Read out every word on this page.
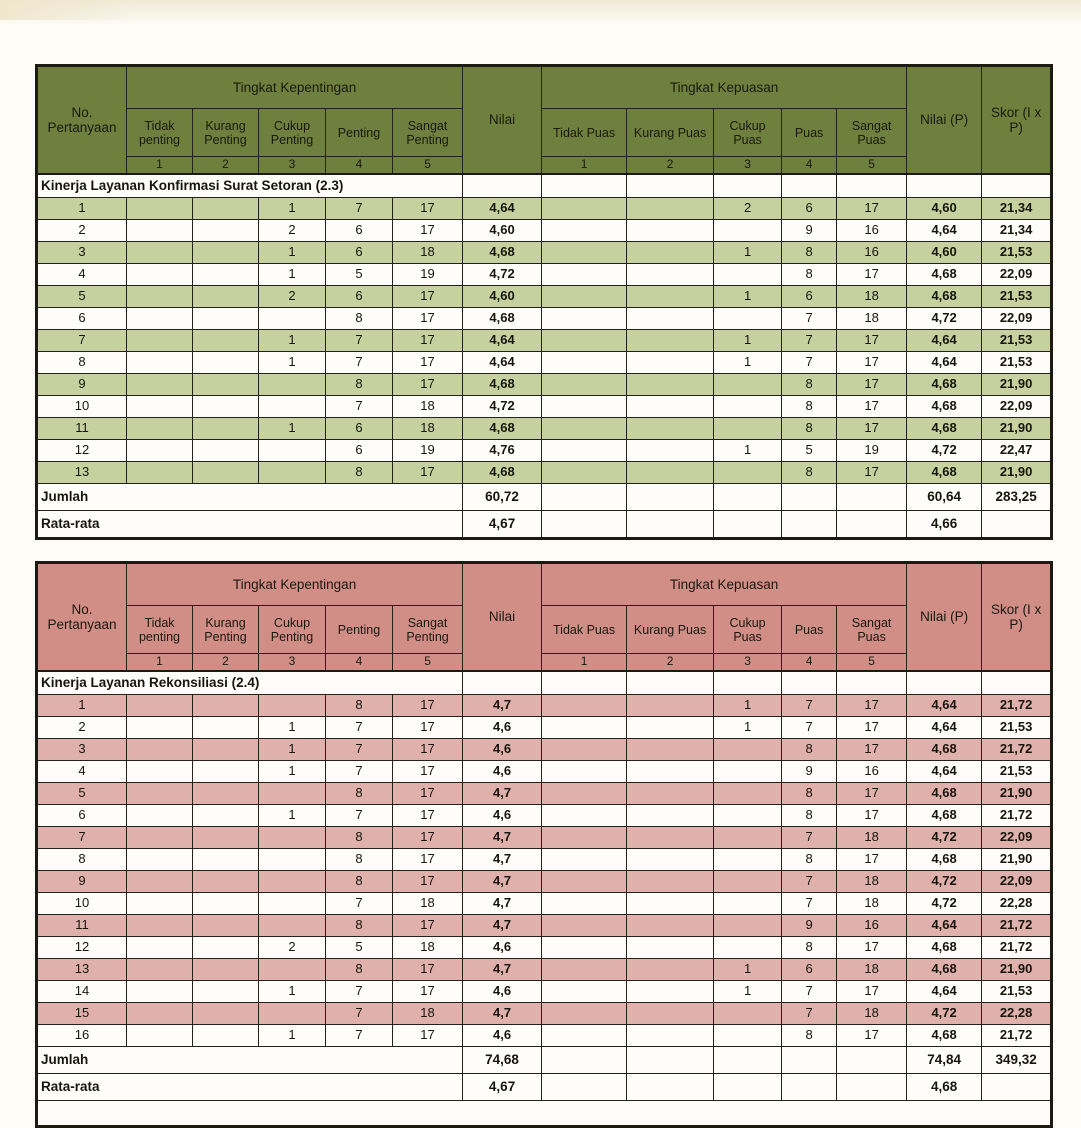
No. Pertanyaan	Tingkat Kepentingan					Nilai	Tingkat Kepuasan					Nilai (P)	Skor (I x P)
	Tidak penting	Kurang Penting	Cukup Penting	Penting	Sangat Penting		Tidak Puas	Kurang Puas	Cukup Puas	Puas	Sangat Puas		
	1	2	3	4	5		1	2	3	4	5		
Kinerja Layanan Konfirmasi Surat Setoran (2.3)													
1			1	7	17	4,64			2	6	17	4,60	21,34
2			2	6	17	4,60				9	16	4,64	21,34
3			1	6	18	4,68			1	8	16	4,60	21,53
4			1	5	19	4,72				8	17	4,68	22,09
5			2	6	17	4,60			1	6	18	4,68	21,53
6				8	17	4,68				7	18	4,72	22,09
7			1	7	17	4,64			1	7	17	4,64	21,53
8			1	7	17	4,64			1	7	17	4,64	21,53
9				8	17	4,68				8	17	4,68	21,90
10				7	18	4,72				8	17	4,68	22,09
11			1	6	18	4,68				8	17	4,68	21,90
12				6	19	4,76			1	5	19	4,72	22,47
13				8	17	4,68				8	17	4,68	21,90
Jumlah						60,72						60,64	283,25
Rata-rata						4,67						4,66	
No. Pertanyaan	Tingkat Kepentingan					Nilai	Tingkat Kepuasan					Nilai (P)	Skor (I x P)
	Tidak penting	Kurang Penting	Cukup Penting	Penting	Sangat Penting		Tidak Puas	Kurang Puas	Cukup Puas	Puas	Sangat Puas		
	1	2	3	4	5		1	2	3	4	5		
Kinerja Layanan Rekonsiliasi (2.4)													
1				8	17	4,7			1	7	17	4,64	21,72
2			1	7	17	4,6			1	7	17	4,64	21,53
3			1	7	17	4,6				8	17	4,68	21,72
4			1	7	17	4,6				9	16	4,64	21,53
5				8	17	4,7				8	17	4,68	21,90
6			1	7	17	4,6				8	17	4,68	21,72
7				8	17	4,7				7	18	4,72	22,09
8				8	17	4,7				8	17	4,68	21,90
9				8	17	4,7				7	18	4,72	22,09
10				7	18	4,7				7	18	4,72	22,28
11				8	17	4,7				9	16	4,64	21,72
12			2	5	18	4,6				8	17	4,68	21,72
13				8	17	4,7			1	6	18	4,68	21,90
14			1	7	17	4,6			1	7	17	4,64	21,53
15				7	18	4,7				7	18	4,72	22,28
16			1	7	17	4,6				8	17	4,68	21,72
Jumlah						74,68						74,84	349,32
Rata-rata						4,67						4,68	
